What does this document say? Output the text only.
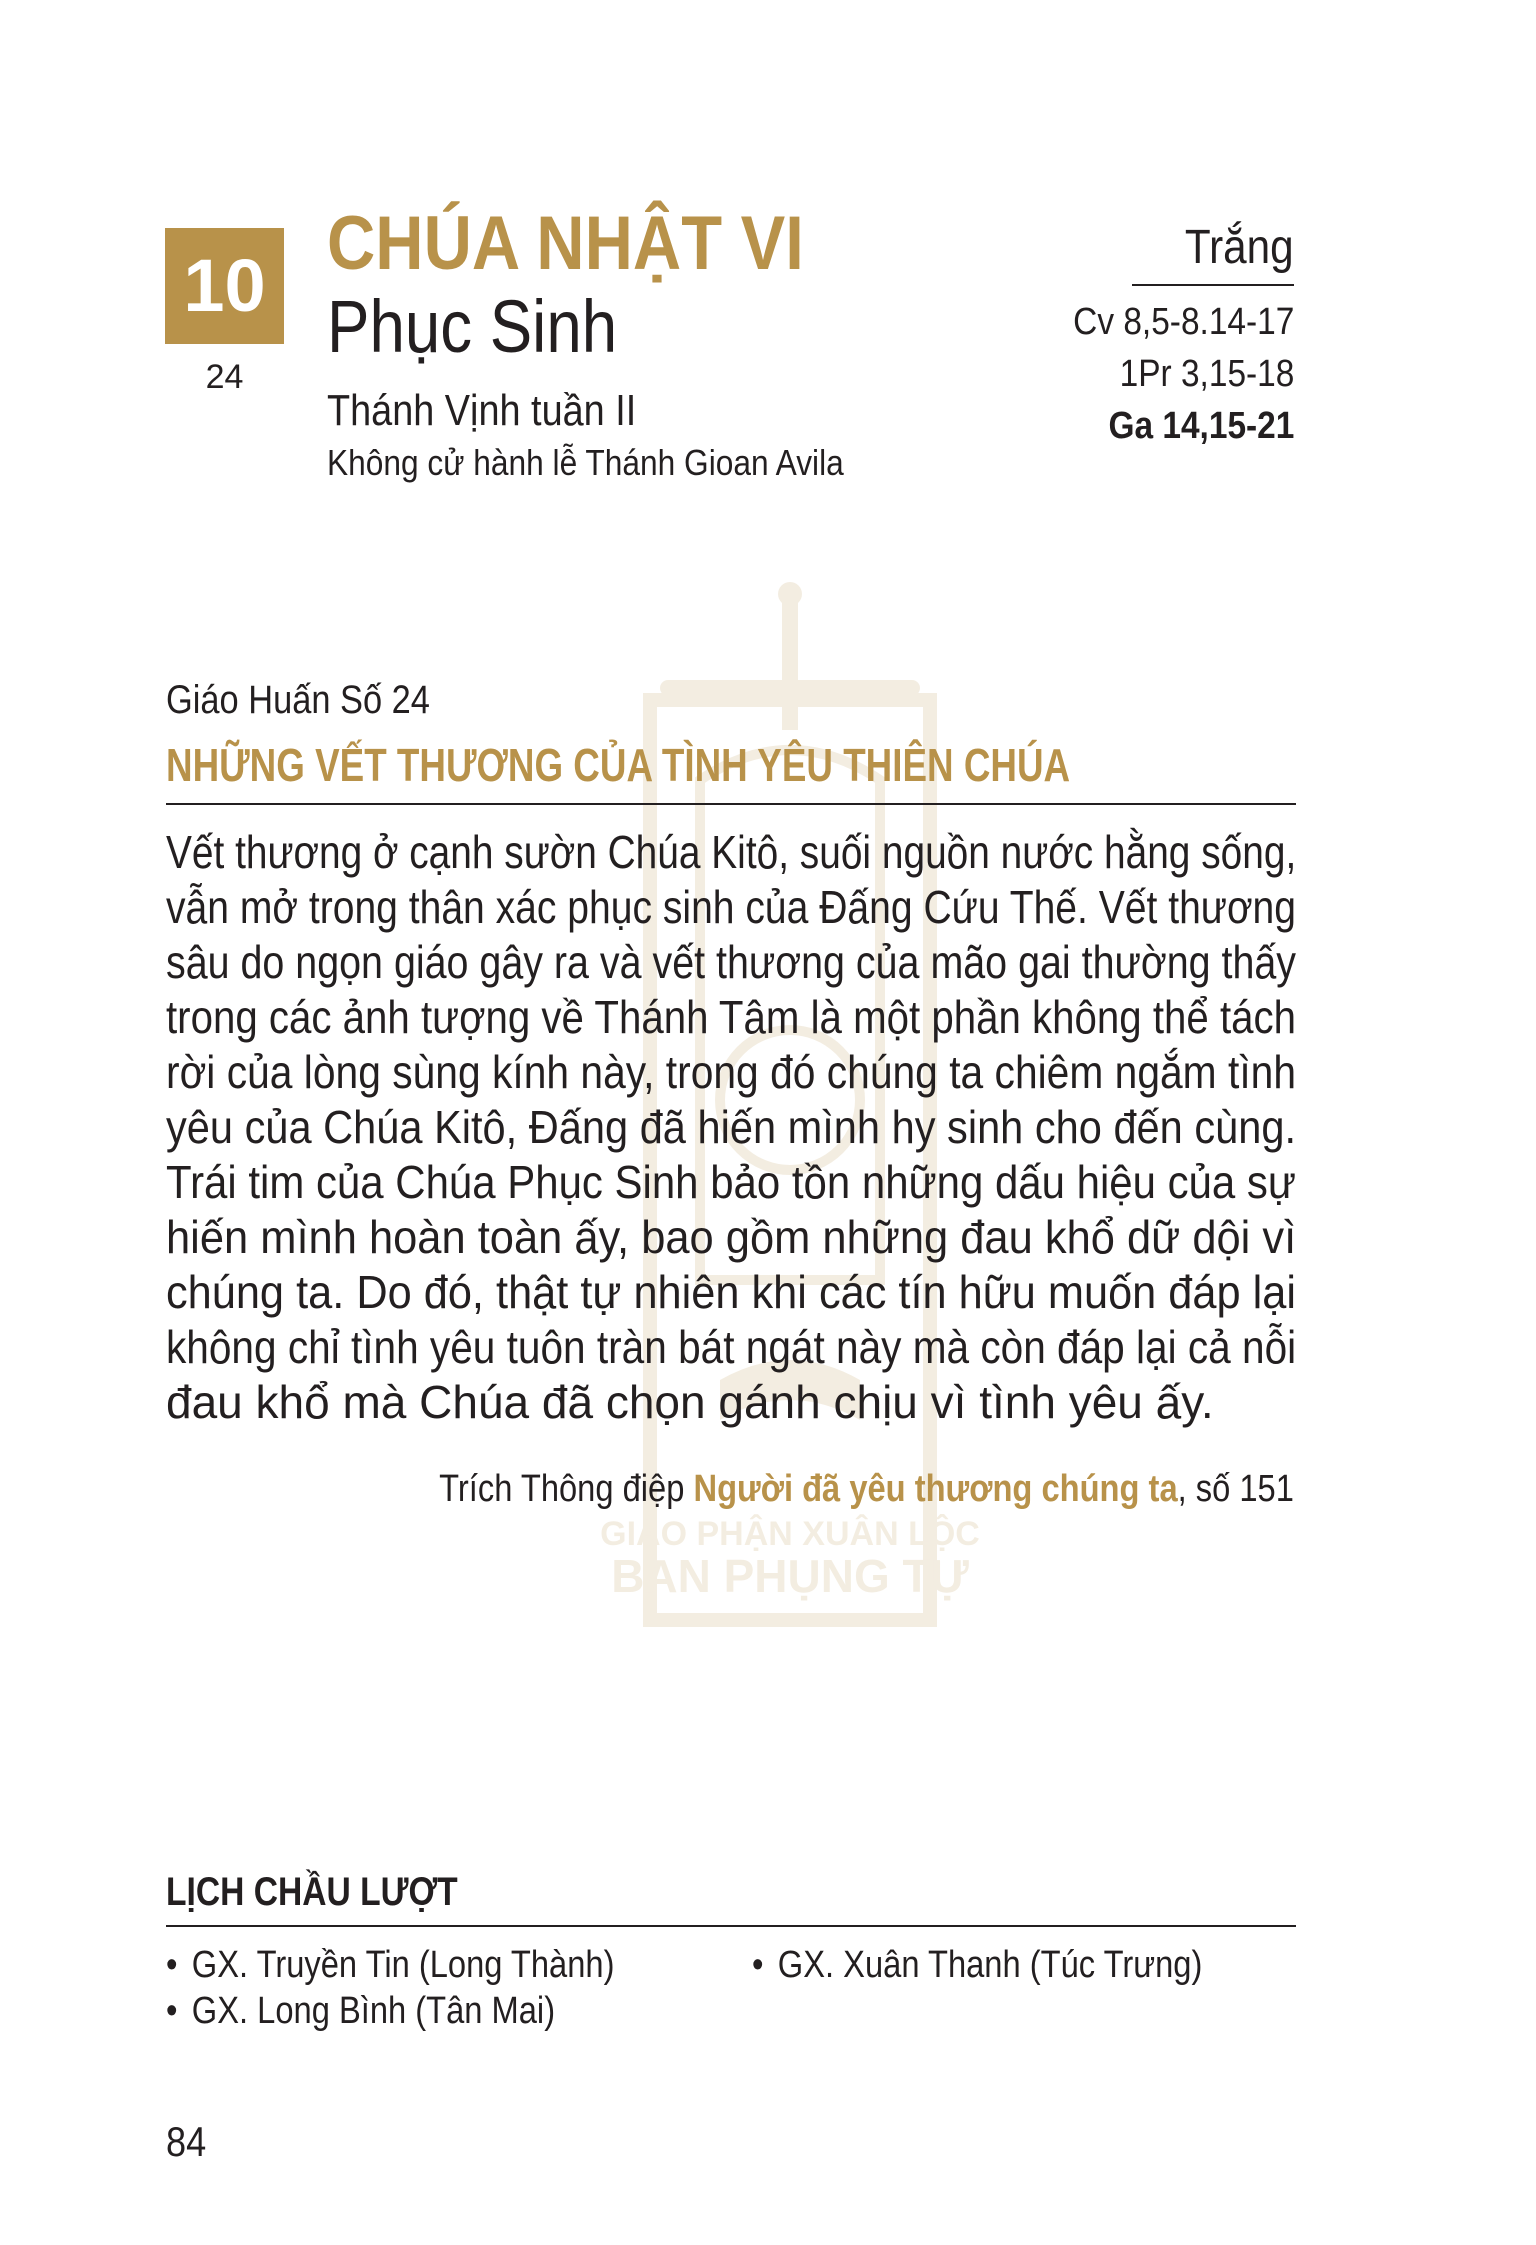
GIÁO PHẬN XUÂN LỘC
BAN PHỤNG TỰ
10
24
CHÚA NHẬT VI
Phục Sinh
Thánh Vịnh tuần II
Không cử hành lễ Thánh Gioan Avila
Trắng
Cv 8,5-8.14-17
1Pr 3,15-18
Ga 14,15-21
Giáo Huấn Số 24
NHỮNG VẾT THƯƠNG CỦA TÌNH YÊU THIÊN CHÚA
Vết thương ở cạnh sườn Chúa Kitô, suối nguồn nước hằng sống,
vẫn mở trong thân xác phục sinh của Đấng Cứu Thế. Vết thương
sâu do ngọn giáo gây ra và vết thương của mão gai thường thấy
trong các ảnh tượng về Thánh Tâm là một phần không thể tách
rời của lòng sùng kính này, trong đó chúng ta chiêm ngắm tình
yêu của Chúa Kitô, Đấng đã hiến mình hy sinh cho đến cùng.
Trái tim của Chúa Phục Sinh bảo tồn những dấu hiệu của sự
hiến mình hoàn toàn ấy, bao gồm những đau khổ dữ dội vì
chúng ta. Do đó, thật tự nhiên khi các tín hữu muốn đáp lại
không chỉ tình yêu tuôn tràn bát ngát này mà còn đáp lại cả nỗi
đau khổ mà Chúa đã chọn gánh chịu vì tình yêu ấy.
Trích Thông điệp Người đã yêu thương chúng ta, số 151
LỊCH CHẦU LƯỢT
• GX. Truyền Tin (Long Thành)	• GX. Xuân Thanh (Túc Trưng)
• GX. Long Bình (Tân Mai)
84
